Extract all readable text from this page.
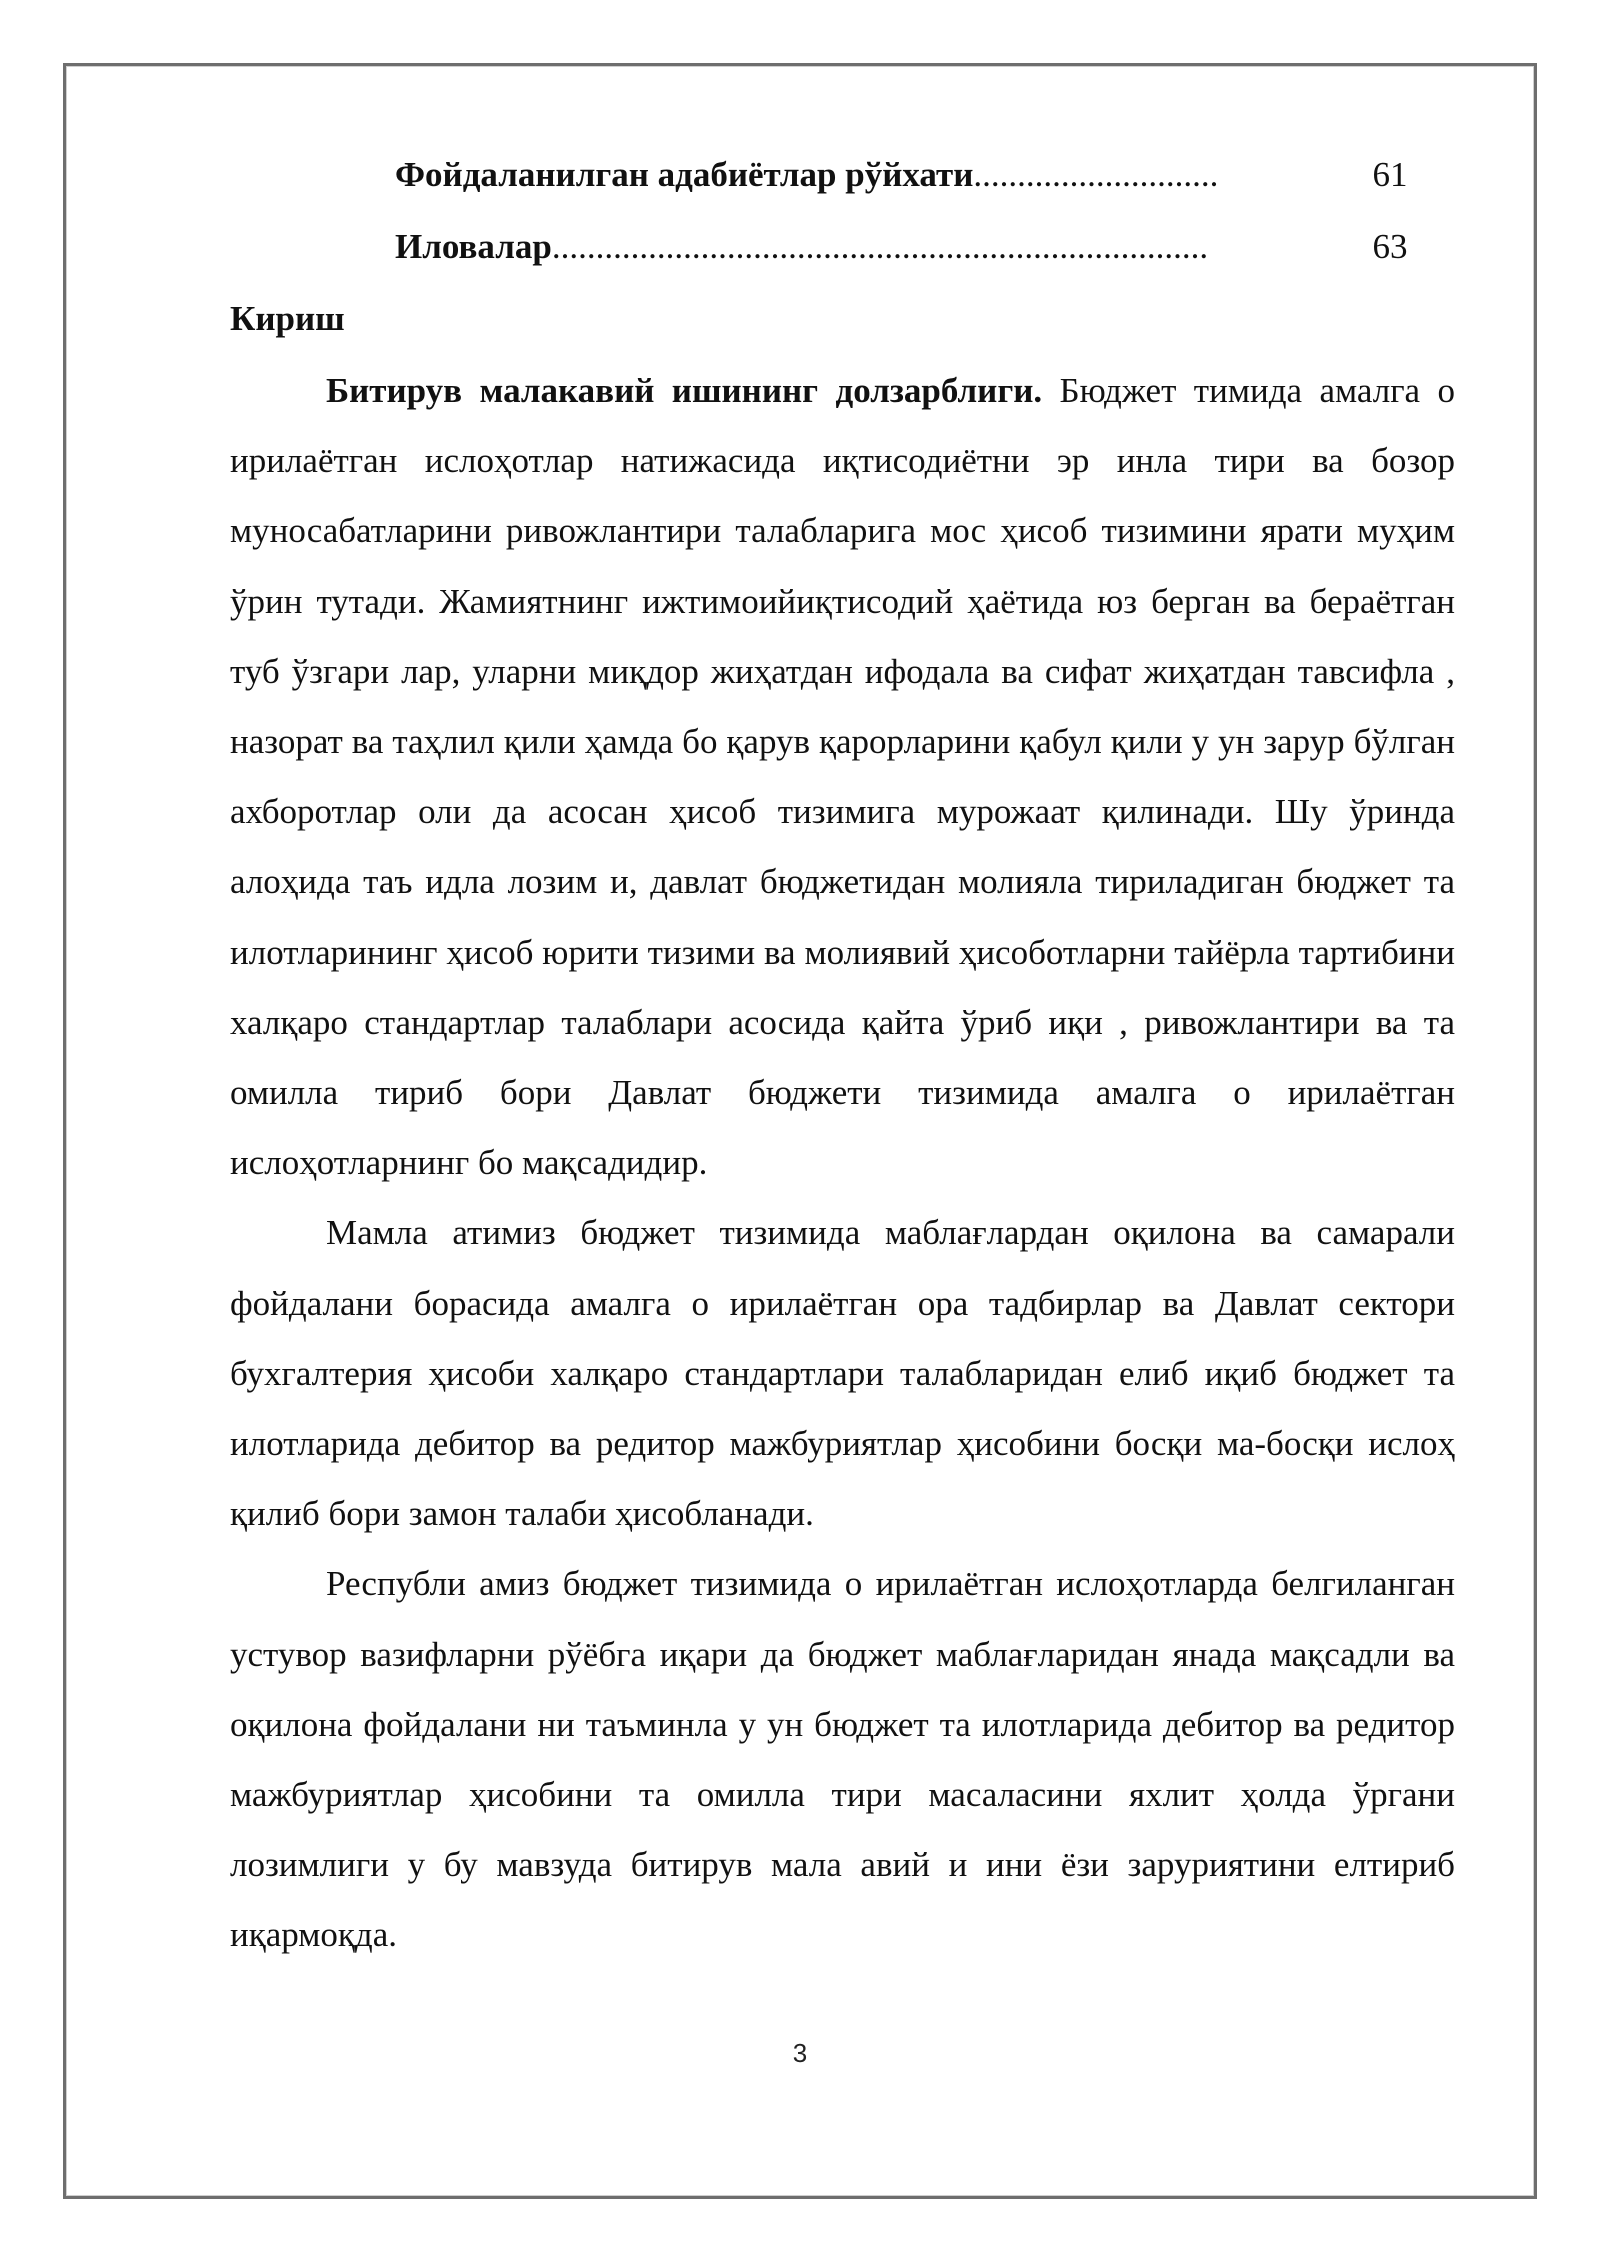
Фойдаланилган адабиётлар рўйхати............................	61
Иловалар...........................................................................	63

Кириш

Битирув малакавий ишининг долзарблиги. Бюджет тимида амалга о ирилаётган ислоҳотлар натижасида иқтисодиётни эр инла тири ва бозор муносабатларини ривожлантири талабларига мос ҳисоб тизимини ярати муҳим ўрин тутади. Жамиятнинг ижтимоийиқтисодий ҳаётида юз берган ва бераётган туб ўзгари лар, уларни миқдор жиҳатдан ифодала ва сифат жиҳатдан тавсифла , назорат ва таҳлил қили ҳамда бо қарув қарорларини қабул қили у ун зарур бўлган ахборотлар оли да асосан ҳисоб тизимига мурожаат қилинади. Шу ўринда алоҳида таъ идла лозим и, давлат бюджетидан молияла тириладиган бюджет та илотларининг ҳисоб юрити тизими ва молиявий ҳисоботларни тайёрла тартибини халқаро стандартлар талаблари асосида қайта ўриб иқи , ривожлантири ва та омилла тириб бори Давлат бюджети тизимида амалга о ирилаётган ислоҳотларнинг бо мақсадидир.

Мамла атимиз бюджет тизимида маблағлардан оқилона ва самарали фойдалани борасида амалга о ирилаётган ора тадбирлар ва Давлат сектори бухгалтерия ҳисоби халқаро стандартлари талабларидан елиб иқиб бюджет та илотларида дебитор ва редитор мажбуриятлар ҳисобини босқи ма-босқи ислоҳ қилиб бори замон талаби ҳисобланади.

Республи амиз бюджет тизимида о ирилаётган ислоҳотларда белгиланган устувор вазифларни рўёбга иқари да бюджет маблағларидан янада мақсадли ва оқилона фойдалани ни таъминла у ун бюджет та илотларида дебитор ва редитор мажбуриятлар ҳисобини та омилла тири масаласини яхлит ҳолда ўргани лозимлиги у бу мавзуда битирув мала авий и ини ёзи заруриятини елтириб иқармоқда.

3
